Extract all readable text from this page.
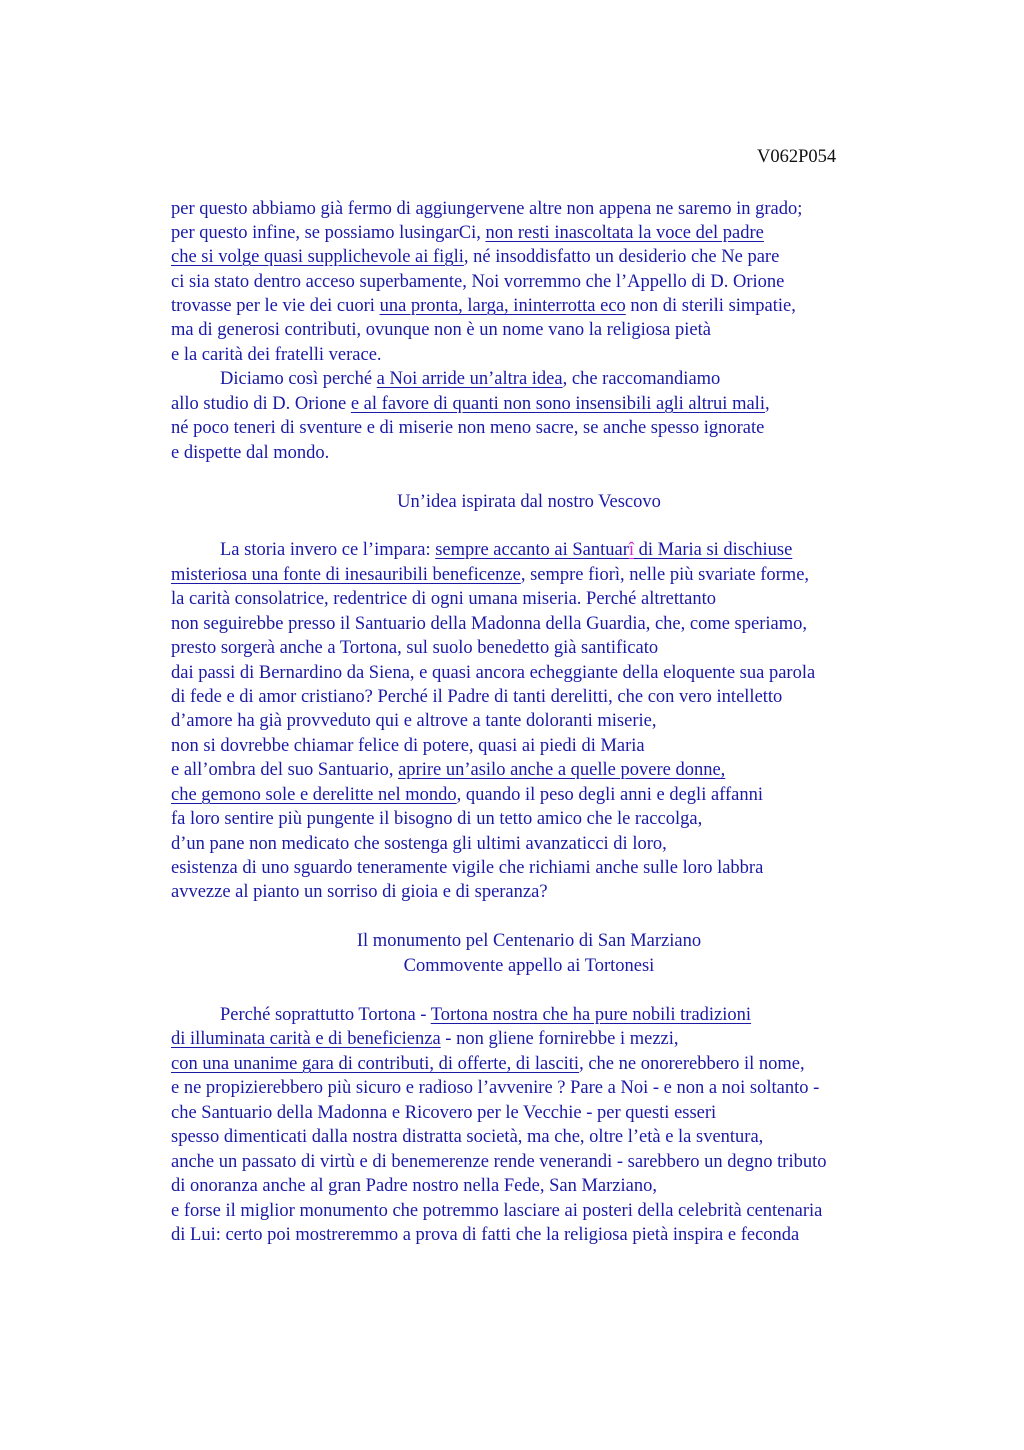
V062P054
per questo abbiamo già fermo di aggiungervene altre non appena ne saremo in grado;
per questo infine, se possiamo lusingarCi, non resti inascoltata la voce del padre
che si volge quasi supplichevole ai figli, né insoddisfatto un desiderio che Ne pare
ci sia stato dentro acceso superbamente, Noi vorremmo che l’Appello di D. Orione
trovasse per le vie dei cuori una pronta, larga, ininterrotta eco non di sterili simpatie,
ma di generosi contributi, ovunque non è un nome vano la religiosa pietà
e la carità dei fratelli verace.
Diciamo così perché a Noi arride un’altra idea, che raccomandiamo
allo studio di D. Orione e al favore di quanti non sono insensibili agli altrui mali,
né poco teneri di sventure e di miserie non meno sacre, se anche spesso ignorate
e dispette dal mondo.
Un’idea ispirata dal nostro Vescovo
La storia invero ce l’impara: sempre accanto ai Santuarî di Maria si dischiuse
misteriosa una fonte di inesauribili beneficenze, sempre fiorì, nelle più svariate forme,
la carità consolatrice, redentrice di ogni umana miseria. Perché altrettanto
non seguirebbe presso il Santuario della Madonna della Guardia, che, come speriamo,
presto sorgerà anche a Tortona, sul suolo benedetto già santificato
dai passi di Bernardino da Siena, e quasi ancora echeggiante della eloquente sua parola
di fede e di amor cristiano? Perché il Padre di tanti derelitti, che con vero intelletto
d’amore ha già provveduto qui e altrove a tante doloranti miserie,
non si dovrebbe chiamar felice di potere, quasi ai piedi di Maria
e all’ombra del suo Santuario, aprire un’asilo anche a quelle povere donne,
che gemono sole e derelitte nel mondo, quando il peso degli anni e degli affanni
fa loro sentire più pungente il bisogno di un tetto amico che le raccolga,
d’un pane non medicato che sostenga gli ultimi avanzaticci di loro,
esistenza di uno sguardo teneramente vigile che richiami anche sulle loro labbra
avvezze al pianto un sorriso di gioia e di speranza?
Il monumento pel Centenario di San Marziano
Commovente appello ai Tortonesi
Perché soprattutto Tortona - Tortona nostra che ha pure nobili tradizioni
di illuminata carità e di beneficienza - non gliene fornirebbe i mezzi,
con una unanime gara di contributi, di offerte, di lasciti, che ne onorerebbero il nome,
e ne propizierebbero più sicuro e radioso l’avvenire ? Pare a Noi - e non a noi soltanto -
che Santuario della Madonna e Ricovero per le Vecchie - per questi esseri
spesso dimenticati dalla nostra distratta società, ma che, oltre l’età e la sventura,
anche un passato di virtù e di benemerenze rende venerandi - sarebbero un degno tributo
di onoranza anche al gran Padre nostro nella Fede, San Marziano,
e forse il miglior monumento che potremmo lasciare ai posteri della celebrità centenaria
di Lui: certo poi mostreremmo a prova di fatti che la religiosa pietà inspira e feconda
